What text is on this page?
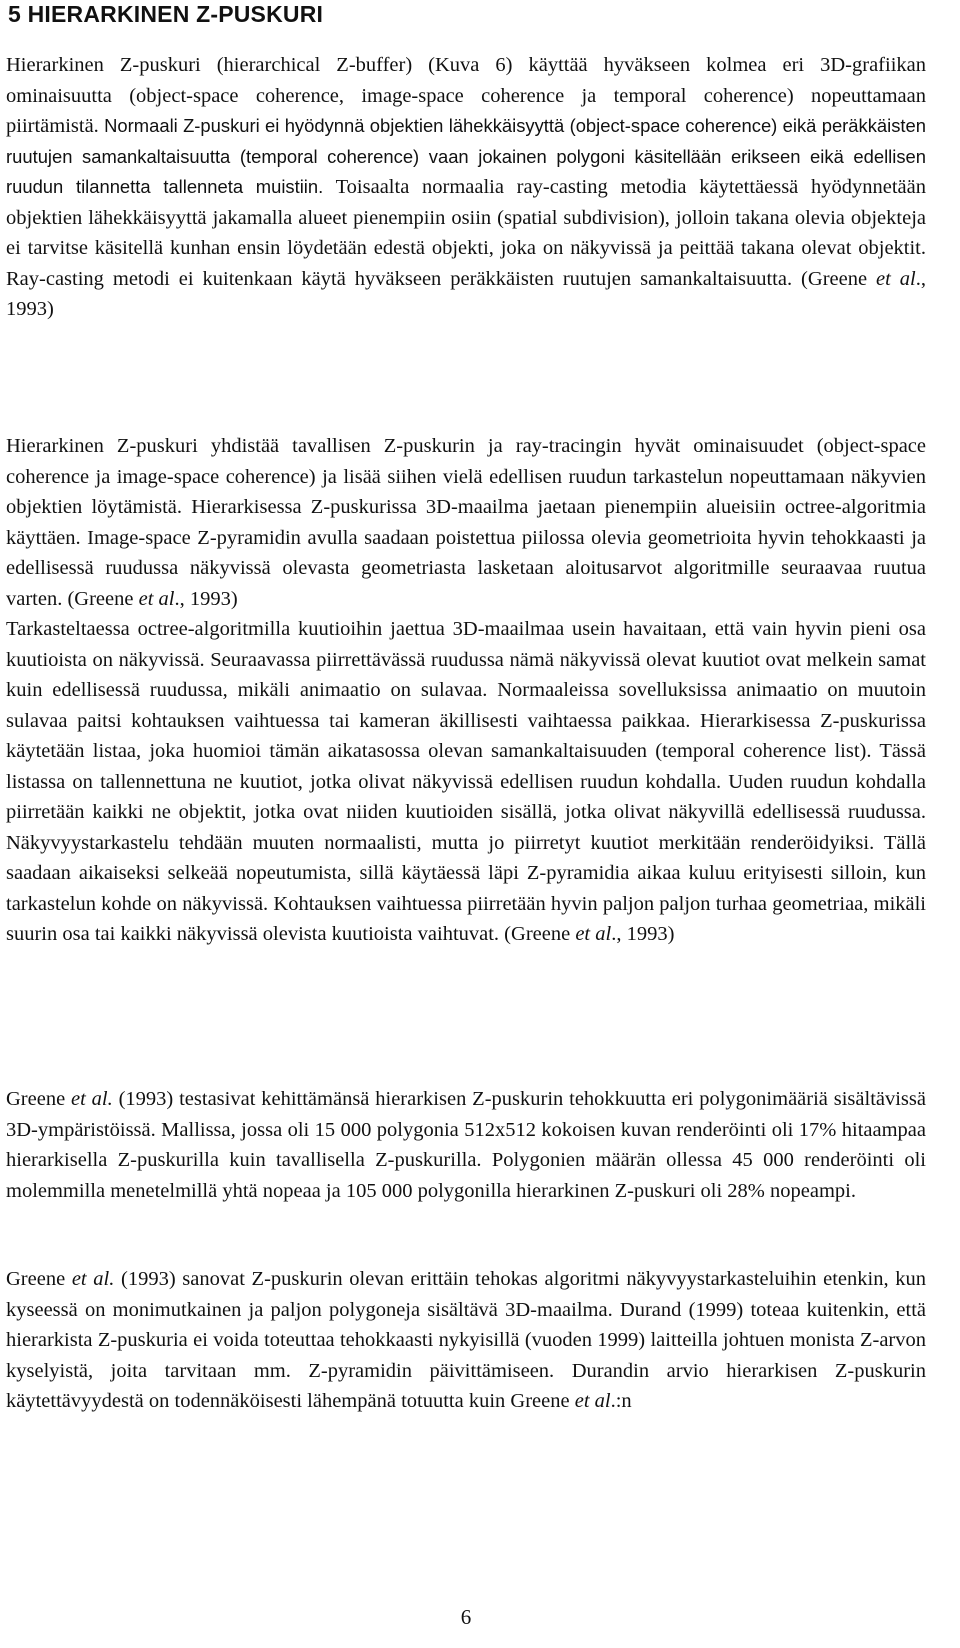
5 HIERARKINEN Z-PUSKURI

Hierarkinen Z-puskuri (hierarchical Z-buffer) (Kuva 6) käyttää hyväkseen kolmea eri 3D-grafiikan ominaisuutta (object-space coherence, image-space coherence ja temporal coherence) nopeuttamaan piirtämistä. Normaali Z-puskuri ei hyödynnä objektien lähekkäisyyttä (object-space coherence) eikä peräkkäisten ruutujen samankaltaisuutta (temporal coherence) vaan jokainen polygoni käsitellään erikseen eikä edellisen ruudun tilannetta tallenneta muistiin. Toisaalta normaalia ray-casting metodia käytettäessä hyödynnetään objektien lähekkäisyyttä jakamalla alueet pienempiin osiin (spatial subdivision), jolloin takana olevia objekteja ei tarvitse käsitellä kunhan ensin löydetään edestä objekti, joka on näkyvissä ja peittää takana olevat objektit. Ray-casting metodi ei kuitenkaan käytä hyväkseen peräkkäisten ruutujen samankaltaisuutta. (Greene et al., 1993)

Hierarkinen Z-puskuri yhdistää tavallisen Z-puskurin ja ray-tracingin hyvät ominaisuudet (object-space coherence ja image-space coherence) ja lisää siihen vielä edellisen ruudun tarkastelun nopeuttamaan näkyvien objektien löytämistä. Hierarkisessa Z-puskurissa 3D-maailma jaetaan pienempiin alueisiin octree-algoritmia käyttäen. Image-space Z-pyramidin avulla saadaan poistettua piilossa olevia geometrioita hyvin tehokkaasti ja edellisessä ruudussa näkyvissä olevasta geometriasta lasketaan aloitusarvot algoritmille seuraavaa ruutua varten. (Greene et al., 1993)

Tarkasteltaessa octree-algoritmilla kuutioihin jaettua 3D-maailmaa usein havaitaan, että vain hyvin pieni osa kuutioista on näkyvissä. Seuraavassa piirrettävässä ruudussa nämä näkyvissä olevat kuutiot ovat melkein samat kuin edellisessä ruudussa, mikäli animaatio on sulavaa. Normaaleissa sovelluksissa animaatio on muutoin sulavaa paitsi kohtauksen vaihtuessa tai kameran äkillisesti vaihtaessa paikkaa. Hierarkisessa Z-puskurissa käytetään listaa, joka huomioi tämän aikatasossa olevan samankaltaisuuden (temporal coherence list). Tässä listassa on tallennettuna ne kuutiot, jotka olivat näkyvissä edellisen ruudun kohdalla. Uuden ruudun kohdalla piirretään kaikki ne objektit, jotka ovat niiden kuutioiden sisällä, jotka olivat näkyvillä edellisessä ruudussa. Näkyvyystarkastelu tehdään muuten normaalisti, mutta jo piirretyt kuutiot merkitään renderöidyiksi. Tällä saadaan aikaiseksi selkeää nopeutumista, sillä käytäessä läpi Z-pyramidia aikaa kuluu erityisesti silloin, kun tarkastelun kohde on näkyvissä. Kohtauksen vaihtuessa piirretään hyvin paljon paljon turhaa geometriaa, mikäli suurin osa tai kaikki näkyvissä olevista kuutioista vaihtuvat. (Greene et al., 1993)

Greene et al. (1993) testasivat kehittämänsä hierarkisen Z-puskurin tehokkuutta eri polygonimääriä sisältävissä 3D-ympäristöissä. Mallissa, jossa oli 15 000 polygonia 512x512 kokoisen kuvan renderöinti oli 17% hitaampaa hierarkisella Z-puskurilla kuin tavallisella Z-puskurilla. Polygonien määrän ollessa 45 000 renderöinti oli molemmilla menetelmillä yhtä nopeaa ja 105 000 polygonilla hierarkinen Z-puskuri oli 28% nopeampi.

Greene et al. (1993) sanovat Z-puskurin olevan erittäin tehokas algoritmi näkyvyystarkasteluihin etenkin, kun kyseessä on monimutkainen ja paljon polygoneja sisältävä 3D-maailma. Durand (1999) toteaa kuitenkin, että hierarkista Z-puskuria ei voida toteuttaa tehokkaasti nykyisillä (vuoden 1999) laitteilla johtuen monista Z-arvon kyselyistä, joita tarvitaan mm. Z-pyramidin päivittämiseen. Durandin arvio hierarkisen Z-puskurin käytettävyydestä on todennäköisesti lähempänä totuutta kuin Greene et al.:n

6
